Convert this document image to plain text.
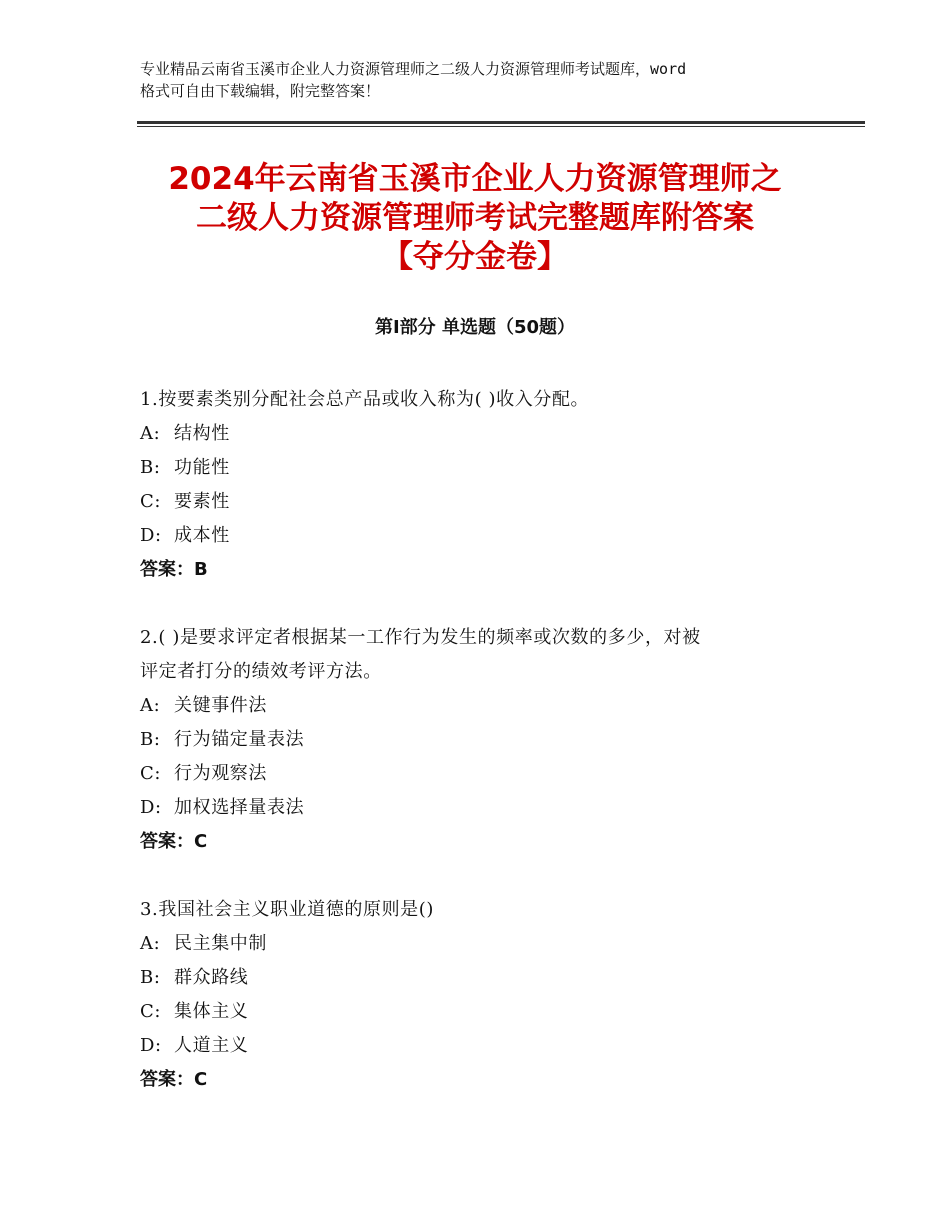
专业精品云南省玉溪市企业人力资源管理师之二级人力资源管理师考试题库，word
格式可自由下载编辑，附完整答案！
2024年云南省玉溪市企业人力资源管理师之
二级人力资源管理师考试完整题库附答案
【夺分金卷】
第Ⅰ部分 单选题（50题）
1.按要素类别分配社会总产品或收入称为( )收入分配。
A: 结构性
B: 功能性
C: 要素性
D: 成本性
答案：B
2.( )是要求评定者根据某一工作行为发生的频率或次数的多少，对被
评定者打分的绩效考评方法。
A: 关键事件法
B: 行为锚定量表法
C: 行为观察法
D: 加权选择量表法
答案：C
3.我国社会主义职业道德的原则是()
A: 民主集中制
B: 群众路线
C: 集体主义
D: 人道主义
答案：C
